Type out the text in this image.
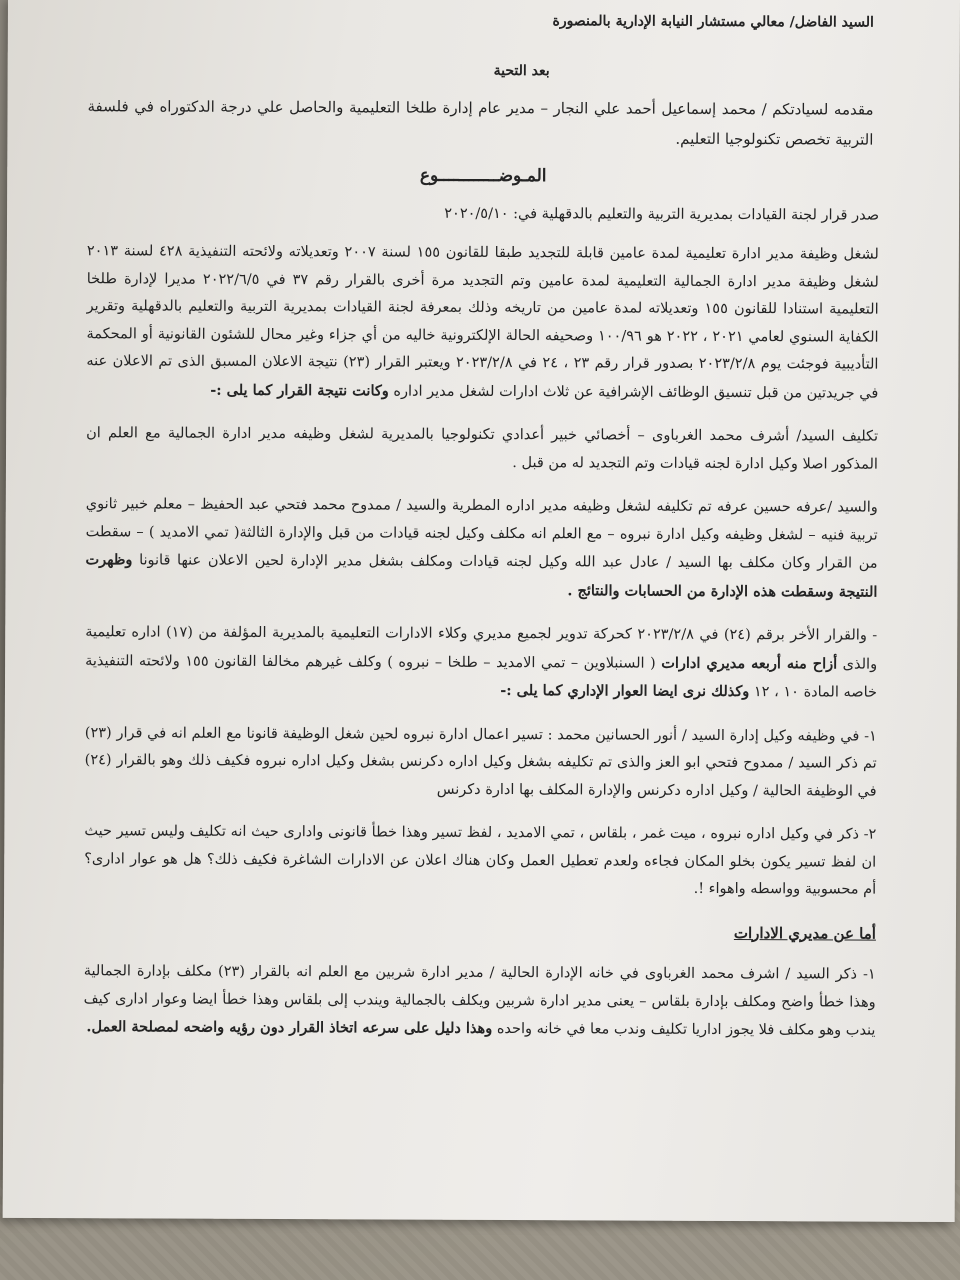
السيد الفاضل/ معالي مستشار النيابة الإدارية بالمنصورة

بعد التحية

مقدمه لسيادتكم / محمد إسماعيل أحمد علي النجار – مدير عام إدارة طلخا التعليمية والحاصل علي درجة الدكتوراه في فلسفة التربية تخصص تكنولوجيا التعليم.

المـوضــــــــــــوع

صدر قرار لجنة القيادات بمديرية التربية والتعليم بالدقهلية في: ٢٠٢٠/٥/١٠

لشغل وظيفة مدير ادارة تعليمية لمدة عامين قابلة للتجديد طبقا للقانون ١٥٥ لسنة ٢٠٠٧ وتعديلاته ولائحته التنفيذية ٤٢٨ لسنة ٢٠١٣ لشغل وظيفة مدير ادارة الجمالية التعليمية لمدة عامين وتم التجديد مرة أخرى بالقرار رقم ٣٧ في ٢٠٢٢/٦/٥ مديرا لإدارة طلخا التعليمية استنادا للقانون ١٥٥ وتعديلاته لمدة عامين من تاريخه وذلك بمعرفة لجنة القيادات بمديرية التربية والتعليم بالدقهلية وتقرير الكفاية السنوي لعامي ٢٠٢١ ، ٢٠٢٢ هو ١٠٠/٩٦ وصحيفه الحالة الإلكترونية خاليه من أي جزاء وغير محال للشئون القانونية أو المحكمة التأديبية فوجئت يوم ٢٠٢٣/٢/٨ بصدور قرار رقم ٢٣ ، ٢٤ في ٢٠٢٣/٢/٨ ويعتبر القرار (٢٣) نتيجة الاعلان المسبق الذى تم الاعلان عنه في جريدتين من قبل تنسيق الوظائف الإشرافية عن ثلاث ادارات لشغل مدير اداره وكانت نتيجة القرار كما يلى :-

تكليف السيد/ أشرف محمد الغرباوى – أخصائي خبير أعدادي تكنولوجيا بالمديرية لشغل وظيفه مدير ادارة الجمالية مع العلم ان المذكور اصلا وكيل ادارة لجنه قيادات وتم التجديد له من قبل .

والسيد /عرفه حسين عرفه تم تكليفه لشغل وظيفه مدير اداره المطرية والسيد / ممدوح محمد فتحي عبد الحفيظ – معلم خبير ثانوي تربية فنيه – لشغل وظيفه وكيل ادارة نبروه – مع العلم انه مكلف وكيل لجنه قيادات من قبل والإدارة الثالثة( تمي الامديد ) – سقطت من القرار وكان مكلف بها السيد / عادل عبد الله وكيل لجنه قيادات ومكلف بشغل مدير الإدارة لحين الاعلان عنها قانونا وظهرت النتيجة وسقطت هذه الإدارة من الحسابات والنتائج .

- والقرار الأخر برقم (٢٤) في ٢٠٢٣/٢/٨ كحركة تدوير لجميع مديري وكلاء الادارات التعليمية بالمديرية المؤلفة من (١٧) اداره تعليمية والذى أزاح منه أربعه مديري ادارات ( السنبلاوين – تمي الامديد – طلخا – نبروه ) وكلف غيرهم مخالفا القانون ١٥٥ ولائحته التنفيذية خاصه المادة ١٠ ، ١٢ وكذلك نرى ايضا العوار الإداري كما يلى :-

١- في وظيفه وكيل إدارة السيد / أنور الحسانين محمد : تسير اعمال ادارة نبروه لحين شغل الوظيفة قانونا مع العلم انه في قرار (٢٣) تم ذكر السيد / ممدوح فتحي ابو العز والذى تم تكليفه بشغل وكيل اداره دكرنس بشغل وكيل اداره نبروه فكيف ذلك وهو بالقرار (٢٤) في الوظيفة الحالية / وكيل اداره دكرنس والإدارة المكلف بها ادارة دكرنس

٢- ذكر في وكيل اداره نبروه ، ميت غمر ، بلقاس ، تمي الامديد ، لفظ تسير وهذا خطأ قانونى وادارى حيث انه تكليف وليس تسير حيث ان لفظ تسير يكون بخلو المكان فجاءه ولعدم تعطيل العمل وكان هناك اعلان عن الادارات الشاغرة فكيف ذلك؟ هل هو عوار ادارى؟ أم محسوبية وواسطه واهواء !.

أما عن مديري الادارات

١- ذكر السيد / اشرف محمد الغرباوى في خانه الإدارة الحالية / مدير ادارة شربين مع العلم انه بالقرار (٢٣) مكلف بإدارة الجمالية وهذا خطأ واضح ومكلف بإدارة بلقاس – يعنى مدير ادارة شربين ويكلف بالجمالية ويندب إلى بلقاس وهذا خطأ ايضا وعوار ادارى كيف يندب وهو مكلف فلا يجوز اداريا تكليف وندب معا في خانه واحده وهذا دليل على سرعه اتخاذ القرار دون رؤيه واضحه لمصلحة العمل.
